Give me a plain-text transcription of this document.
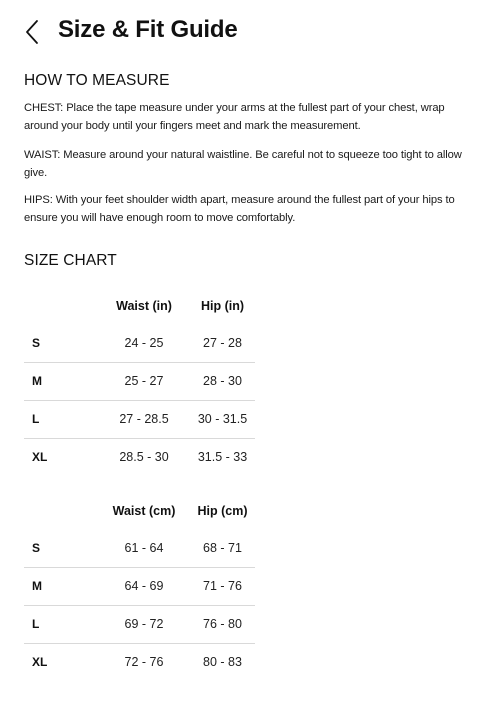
Size & Fit Guide
HOW TO MEASURE

CHEST: Place the tape measure under your arms at the fullest part of your chest, wrap around your body until your fingers meet and mark the measurement.

WAIST: Measure around your natural waistline. Be careful not to squeeze too tight to allow give.

HIPS: With your feet shoulder width apart, measure around the fullest part of your hips to ensure you will have enough room to move comfortably.

SIZE CHART
	Waist (in)	Hip (in)
S	24 - 25	27 - 28
M	25 - 27	28 - 30
L	27 - 28.5	30 - 31.5
XL	28.5 - 30	31.5 - 33
	Waist (cm)	Hip (cm)
S	61 - 64	68 - 71
M	64 - 69	71 - 76
L	69 - 72	76 - 80
XL	72 - 76	80 - 83
